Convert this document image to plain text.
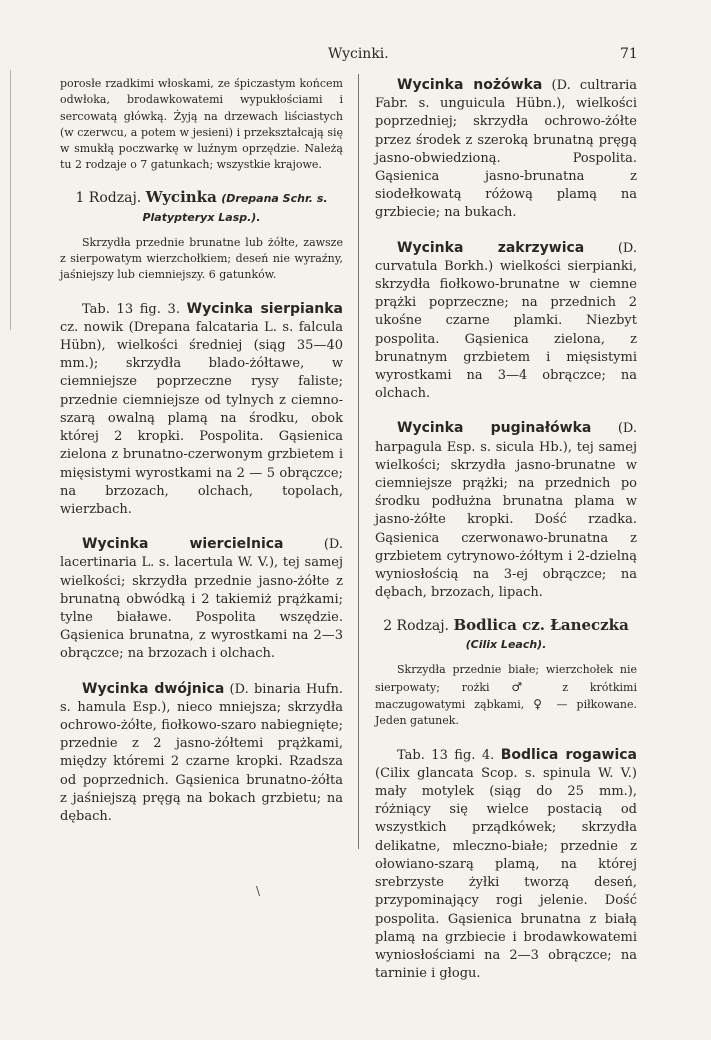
Wycinki.	71

porosłe rzadkimi włoskami, ze śpiczastym końcem odwłoka, brodawkowatemi wypukłościami i sercowatą główką. Żyją na drzewach liściastych (w czerwcu, a potem w jesieni) i przekształcają się w smukłą poczwarkę w luźnym oprzędzie. Należą tu 2 rodzaje o 7 gatunkach; wszystkie krajowe.

1 Rodzaj. Wycinka (Drepana Schr. s. Platypteryx Lasp.).

Skrzydła przednie brunatne lub żółte, zawsze z sierpowatym wierzchołkiem; deseń nie wyraźny, jaśniejszy lub ciemniejszy. 6 gatunków.

Tab. 13 fig. 3. Wycinka sierpianka cz. nowik (Drepana falcataria L. s. falcula Hübn), wielkości średniej (siąg 35—40 mm.); skrzydła blado-żółtawe, w ciemniejsze poprzeczne rysy faliste; przednie ciemniejsze od tylnych z ciemno-szarą owalną plamą na środku, obok której 2 kropki. Pospolita. Gąsienica zielona z brunatno-czerwonym grzbietem i mięsistymi wyrostkami na 2 — 5 obrączce; na brzozach, olchach, topolach, wierzbach.

Wycinka wiercielnica	(D. lacertinaria L. s. lacertula W. V.), tej samej wielkości; skrzydła przednie jasno-żółte z brunatną obwódką i 2 takiemiż prążkami; tylne białawe. Pospolita wszędzie. Gąsienica brunatna, z wyrostkami na 2—3 obrączce; na brzozach i olchach.

Wycinka dwójnica (D. binaria Hufn. s. hamula Esp.), nieco mniejsza; skrzydła ochrowo-żółte, fiołkowo-szaro nabiegnięte; przednie z 2 jasno-żółtemi prążkami, między któremi 2 czarne kropki. Rzadsza od poprzednich. Gąsienica brunatno-żółta z jaśniejszą pręgą na bokach grzbietu; na dębach.

Wycinka nożówka (D. cultraria Fabr. s. unguicula Hübn.), wielkości poprzedniej; skrzydła ochrowo-żółte przez środek z szeroką brunatną pręgą jasno-obwiedzioną. Pospolita. Gąsienica jasno-brunatna z siodełkowatą różową plamą na grzbiecie; na bukach.

Wycinka zakrzywica	(D. curvatula Borkh.) wielkości sierpianki, skrzydła fiołkowo-brunatne w ciemne prążki poprzeczne; na przednich 2 ukośne czarne plamki. Niezbyt pospolita. Gąsienica zielona, z brunatnym grzbietem i mięsistymi wyrostkami na 3—4 obrączce; na olchach.

Wycinka puginałówka (D. harpagula Esp. s. sicula Hb.), tej samej wielkości; skrzydła jasno-brunatne w ciemniejsze prążki; na przednich po środku podłużna brunatna plama w jasno-żółte kropki. Dość rzadka. Gąsienica czerwonawo-brunatna z grzbietem cytrynowo-żółtym i 2-dzielną wyniosłością na 3-ej obrączce; na dębach, brzozach, lipach.

2 Rodzaj. Bodlica cz. Łaneczka
(Cilix Leach).

Skrzydła przednie białe; wierzchołek nie sierpowaty; rożki ♂ z krótkimi maczugowatymi ząbkami, ♀ — piłkowane. Jeden gatunek.

Tab. 13 fig. 4. Bodlica rogawica (Cilix glancata Scop. s. spinula W. V.) mały motylek (siąg do 25 mm.), różniący się wielce postacią od wszystkich prządkówek; skrzydła delikatne, mleczno-białe; przednie z ołowiano-szarą plamą, na której srebrzyste żyłki tworzą deseń, przypominający rogi jelenie. Dość pospolita. Gąsienica brunatna z białą plamą na grzbiecie i brodawkowatemi wyniosłościami na 2—3 obrączce; na tarninie i głogu.

\
